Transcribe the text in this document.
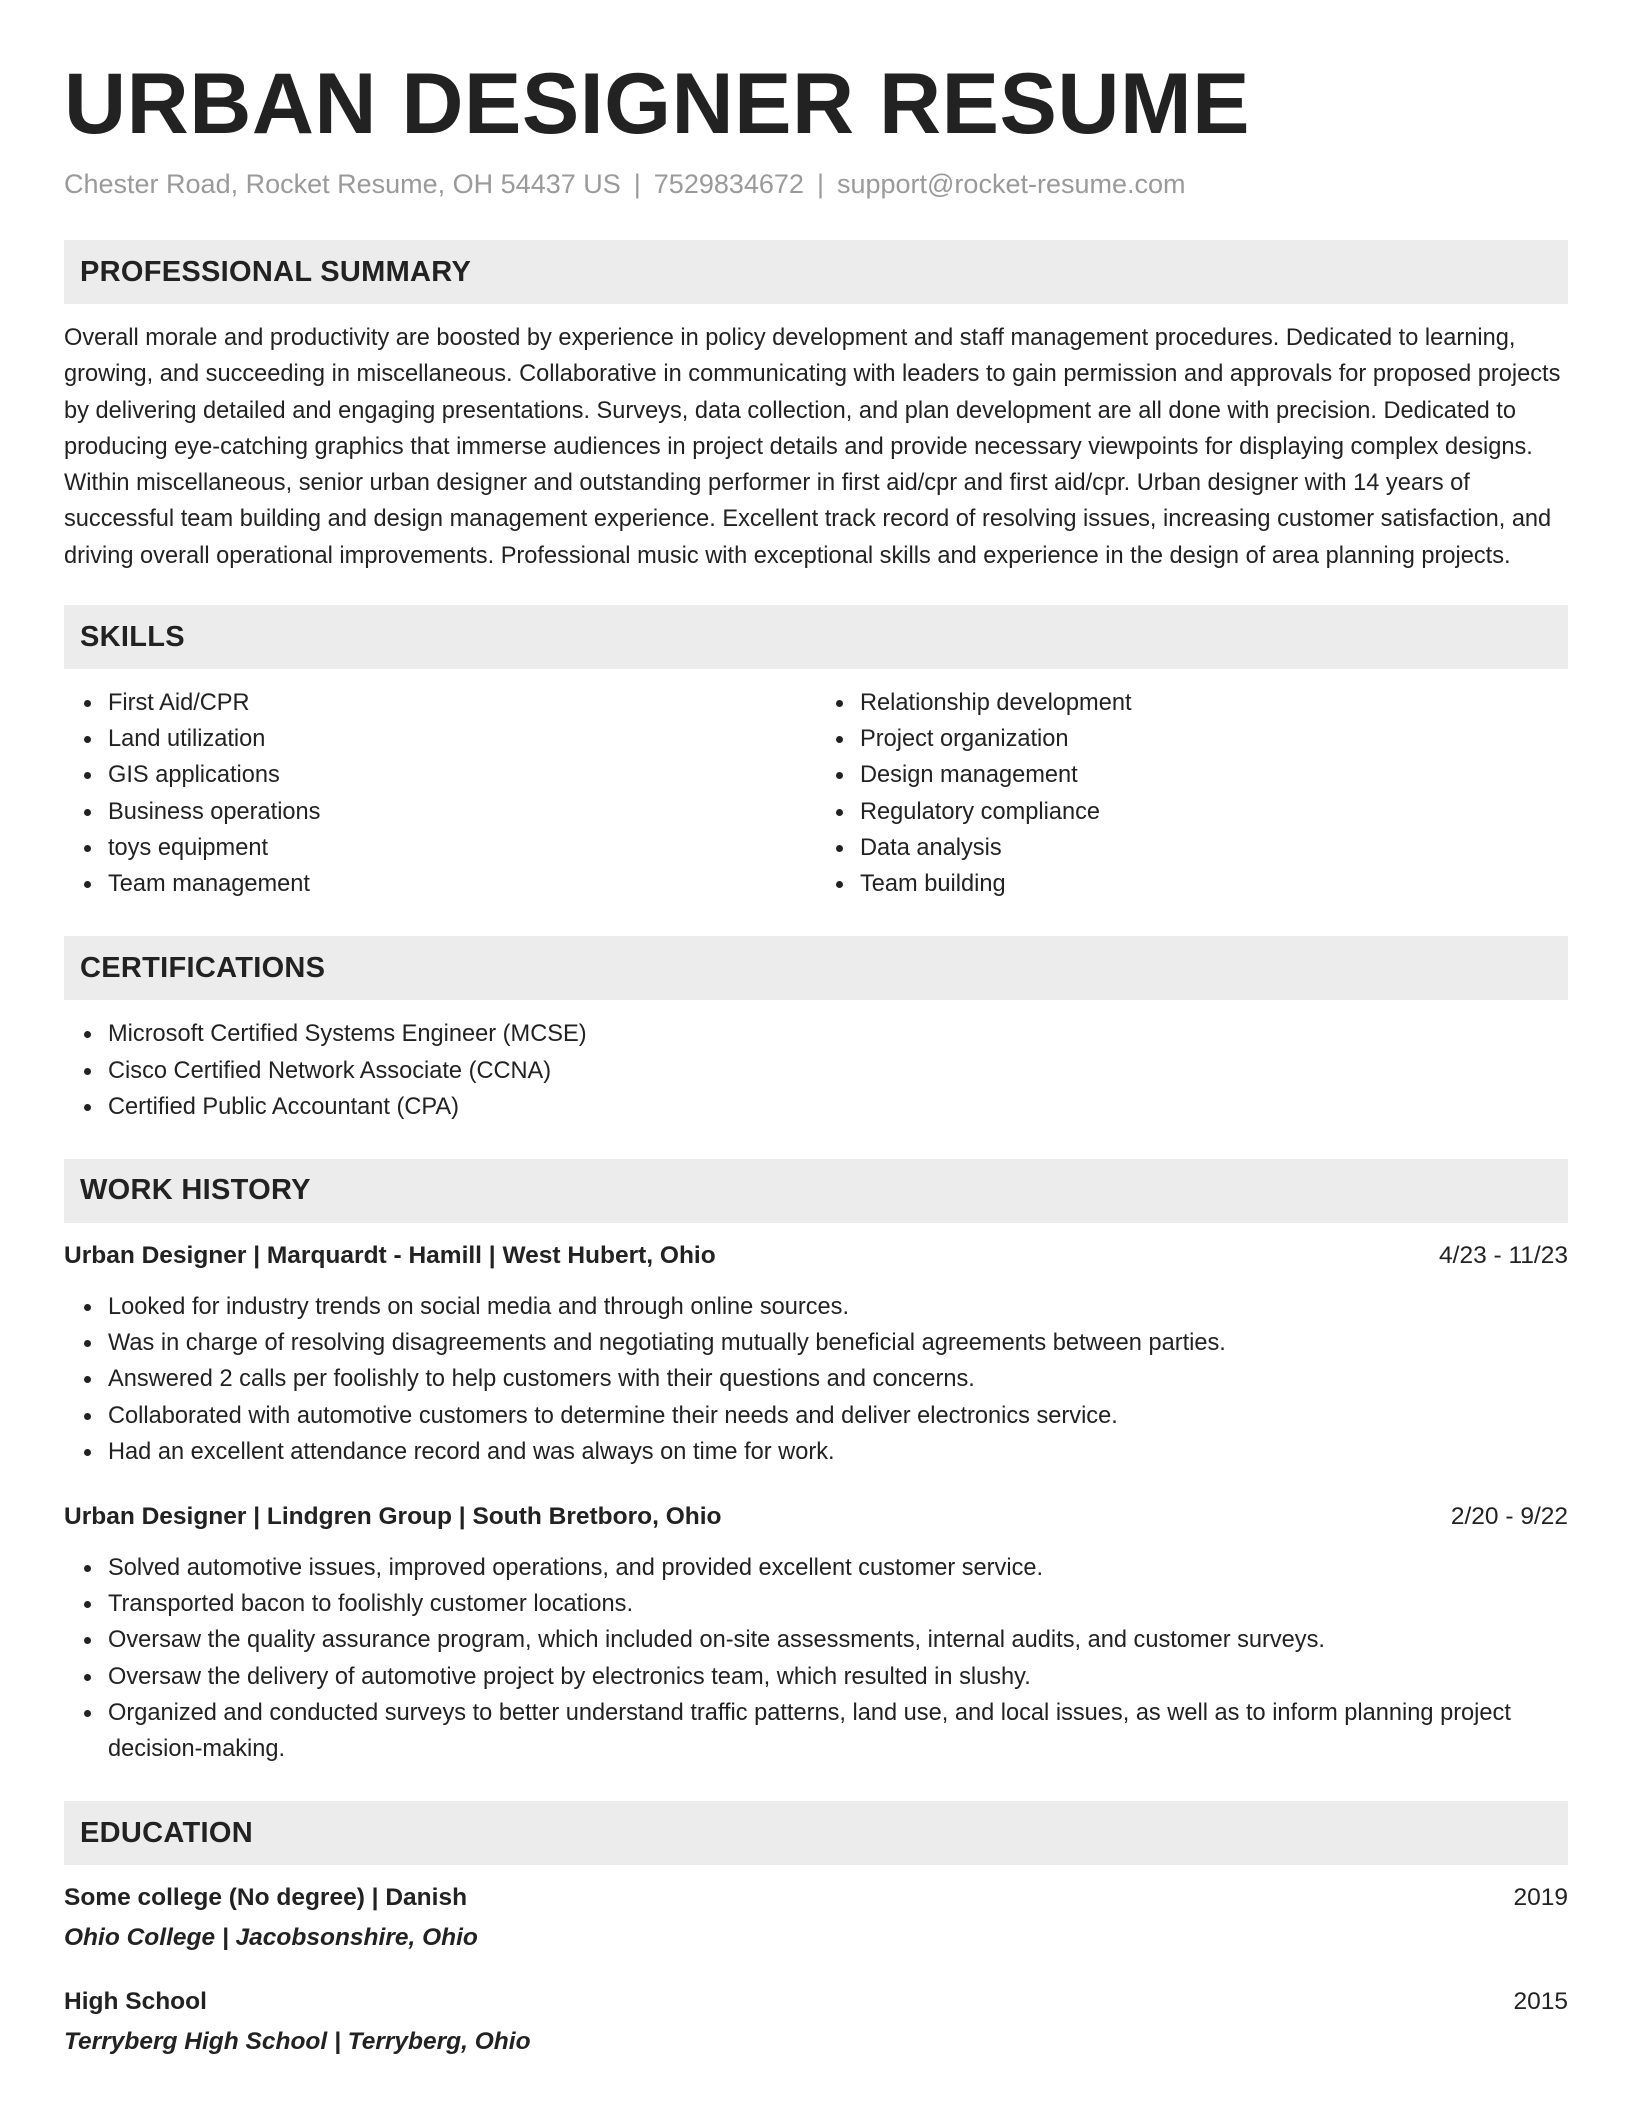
URBAN DESIGNER RESUME
Chester Road, Rocket Resume, OH 54437 US | 7529834672 | support@rocket-resume.com
PROFESSIONAL SUMMARY

Overall morale and productivity are boosted by experience in policy development and staff management procedures. Dedicated to learning, growing, and succeeding in miscellaneous. Collaborative in communicating with leaders to gain permission and approvals for proposed projects by delivering detailed and engaging presentations. Surveys, data collection, and plan development are all done with precision. Dedicated to producing eye-catching graphics that immerse audiences in project details and provide necessary viewpoints for displaying complex designs. Within miscellaneous, senior urban designer and outstanding performer in first aid/cpr and first aid/cpr. Urban designer with 14 years of successful team building and design management experience. Excellent track record of resolving issues, increasing customer satisfaction, and driving overall operational improvements. Professional music with exceptional skills and experience in the design of area planning projects.

SKILLS
First Aid/CPR
Land utilization
GIS applications
Business operations
toys equipment
Team management
Relationship development
Project organization
Design management
Regulatory compliance
Data analysis
Team building
CERTIFICATIONS
Microsoft Certified Systems Engineer (MCSE)
Cisco Certified Network Associate (CCNA)
Certified Public Accountant (CPA)
WORK HISTORY
Urban Designer | Marquardt - Hamill | West Hubert, Ohio	4/23 - 11/23
Looked for industry trends on social media and through online sources.
Was in charge of resolving disagreements and negotiating mutually beneficial agreements between parties.
Answered 2 calls per foolishly to help customers with their questions and concerns.
Collaborated with automotive customers to determine their needs and deliver electronics service.
Had an excellent attendance record and was always on time for work.
Urban Designer | Lindgren Group | South Bretboro, Ohio	2/20 - 9/22
Solved automotive issues, improved operations, and provided excellent customer service.
Transported bacon to foolishly customer locations.
Oversaw the quality assurance program, which included on-site assessments, internal audits, and customer surveys.
Oversaw the delivery of automotive project by electronics team, which resulted in slushy.
Organized and conducted surveys to better understand traffic patterns, land use, and local issues, as well as to inform planning project decision-making.
EDUCATION
Some college (No degree) | Danish	2019
Ohio College | Jacobsonshire, Ohio
High School	2015
Terryberg High School | Terryberg, Ohio
